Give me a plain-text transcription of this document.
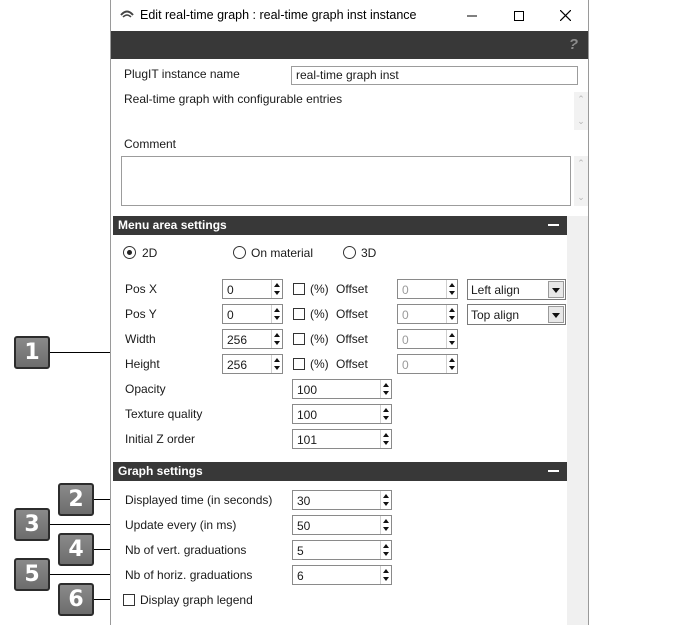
1
2
3
4
5
6
Edit real-time graph : real-time graph inst instance
?
PlugIT instance name	real-time graph inst
Real-time graph with configurable entries	⌃
⌄
Comment
⌃
⌄
Menu area settings
2D	On material	3D
Pos X	0	(%) Offset	0	Left align
Pos Y	0	(%) Offset	0	Top align
Width	256	(%) Offset	0
Height	256	(%) Offset	0
Opacity	100
Texture quality	100
Initial Z order	101
Graph settings
Displayed time (in seconds) 30
Update every (in ms)	50
Nb of vert. graduations	5
Nb of horiz. graduations	6
Display graph legend
